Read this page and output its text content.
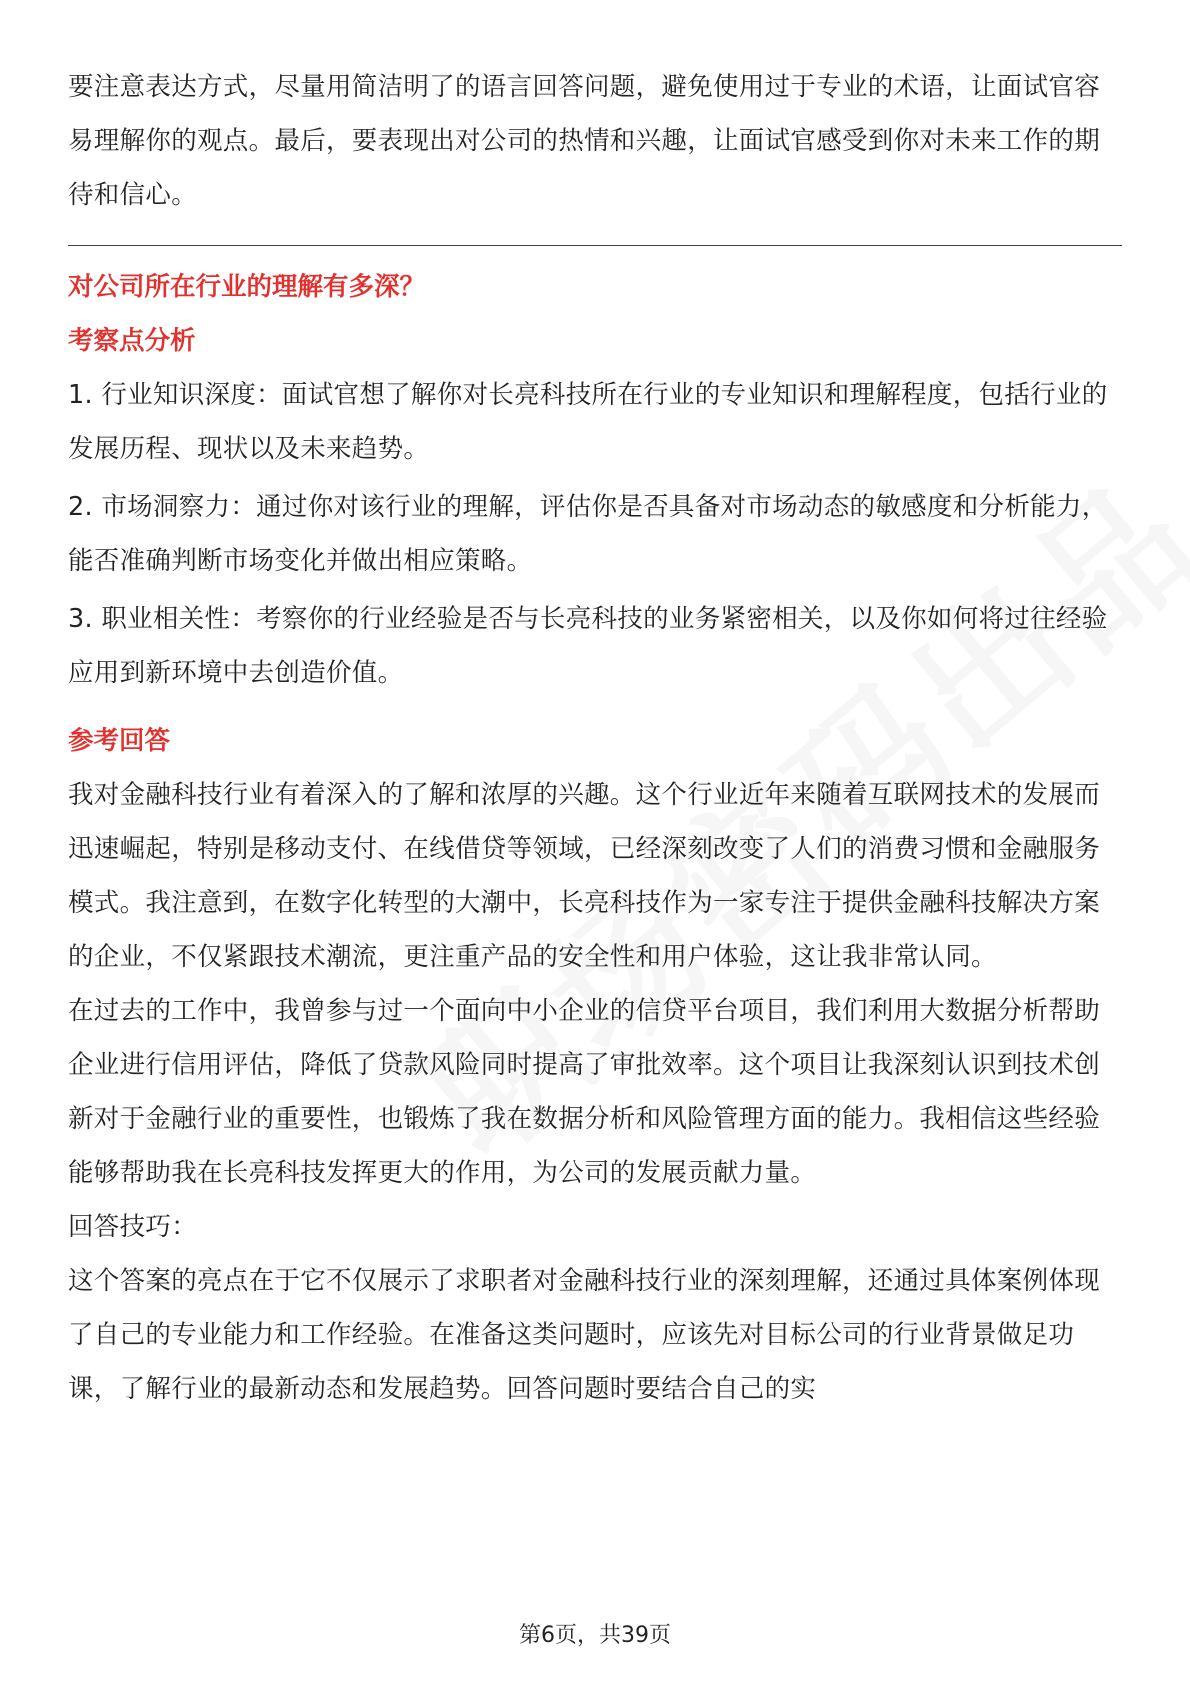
要注意表达方式，尽量用简洁明了的语言回答问题，避免使用过于专业的术语，让面试官容易理解你的观点。最后，要表现出对公司的热情和兴趣，让面试官感受到你对未来工作的期待和信心。

对公司所在行业的理解有多深？

考察点分析

1. 行业知识深度：面试官想了解你对长亮科技所在行业的专业知识和理解程度，包括行业的发展历程、现状以及未来趋势。

2. 市场洞察力：通过你对该行业的理解，评估你是否具备对市场动态的敏感度和分析能力，能否准确判断市场变化并做出相应策略。

3. 职业相关性：考察你的行业经验是否与长亮科技的业务紧密相关，以及你如何将过往经验应用到新环境中去创造价值。

参考回答

我对金融科技行业有着深入的了解和浓厚的兴趣。这个行业近年来随着互联网技术的发展而迅速崛起，特别是移动支付、在线借贷等领域，已经深刻改变了人们的消费习惯和金融服务模式。我注意到，在数字化转型的大潮中，长亮科技作为一家专注于提供金融科技解决方案的企业，不仅紧跟技术潮流，更注重产品的安全性和用户体验，这让我非常认同。

在过去的工作中，我曾参与过一个面向中小企业的信贷平台项目，我们利用大数据分析帮助企业进行信用评估，降低了贷款风险同时提高了审批效率。这个项目让我深刻认识到技术创新对于金融行业的重要性，也锻炼了我在数据分析和风险管理方面的能力。我相信这些经验能够帮助我在长亮科技发挥更大的作用，为公司的发展贡献力量。

回答技巧：

这个答案的亮点在于它不仅展示了求职者对金融科技行业的深刻理解，还通过具体案例体现了自己的专业能力和工作经验。在准备这类问题时，应该先对目标公司的行业背景做足功课，了解行业的最新动态和发展趋势。回答问题时要结合自己的实

第6页，共39页
